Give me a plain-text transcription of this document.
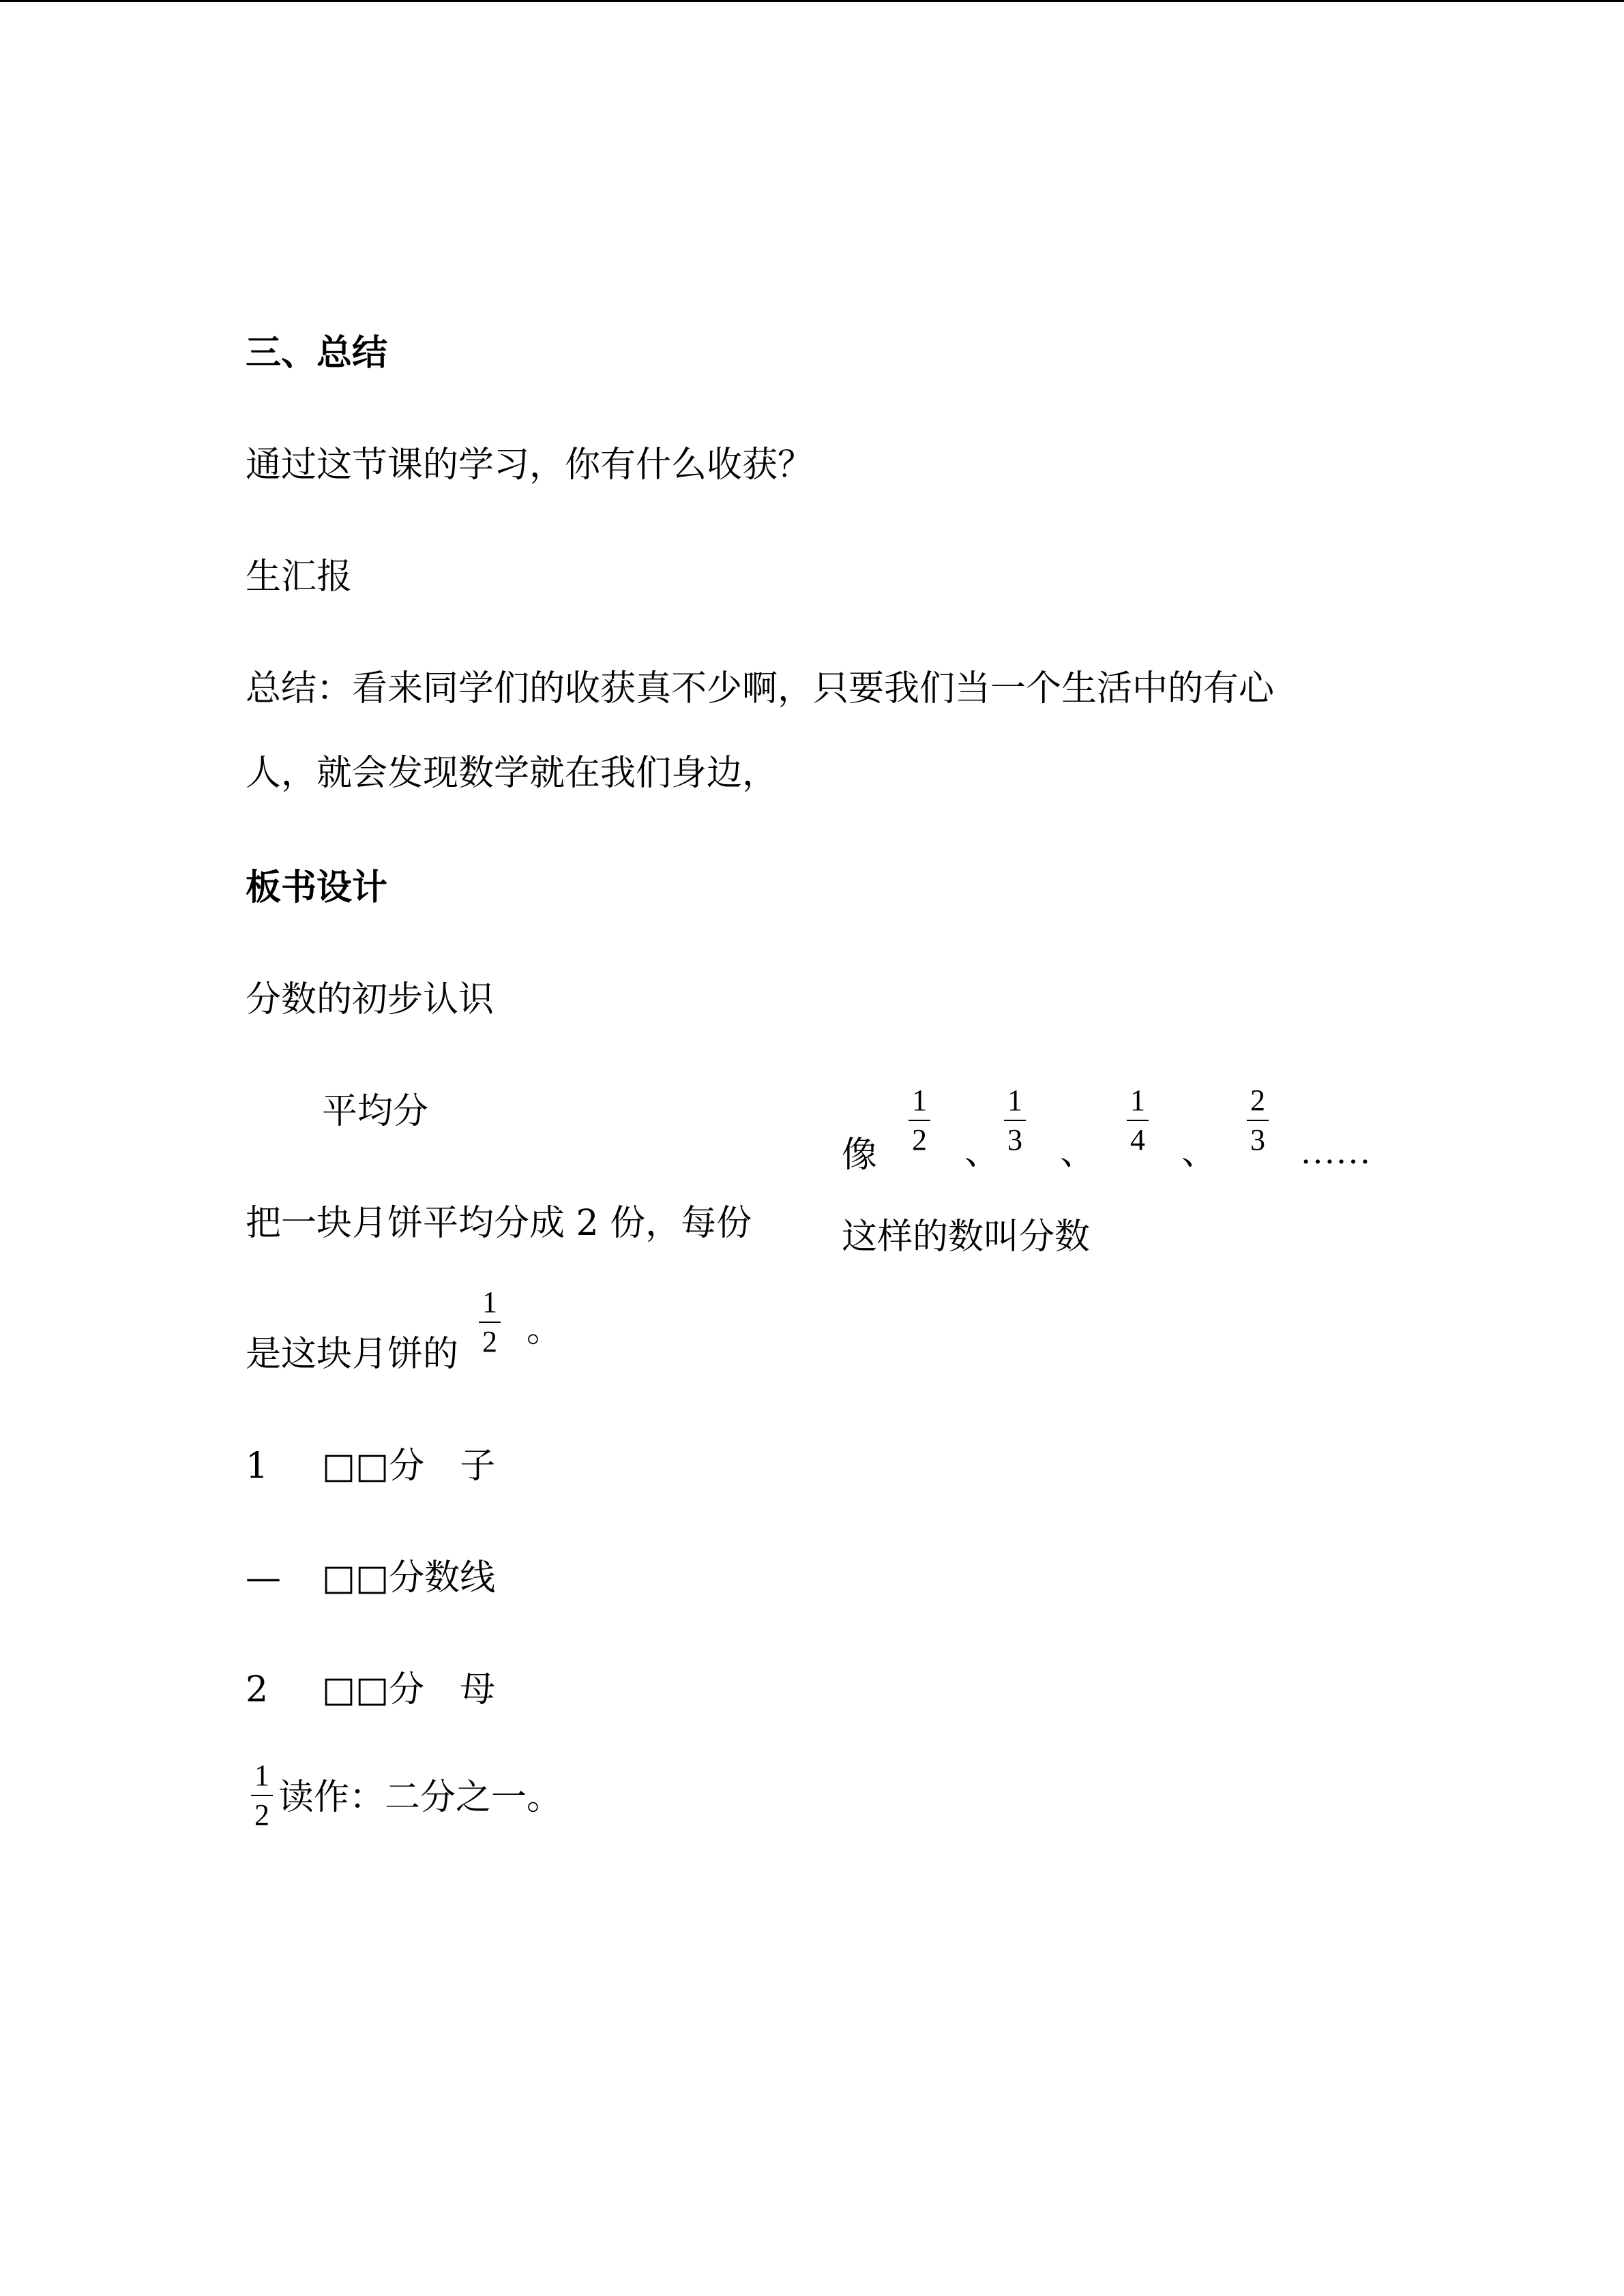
三、总结
通过这节课的学习，你有什么收获？
生汇报
总结：看来同学们的收获真不少啊，只要我们当一个生活中的有心
人，就会发现数学就在我们身边，
板书设计
分数的初步认识
平均分
把一块月饼平均分成 2 份，每份
是这块月饼的
1
2 。
1 □□分　子
— □□分数线
2 □□分　母
1
2 读作：二分之一。
像
1
2 、
1
3 、
1
4 、
2
3 ……
这样的数叫分数
